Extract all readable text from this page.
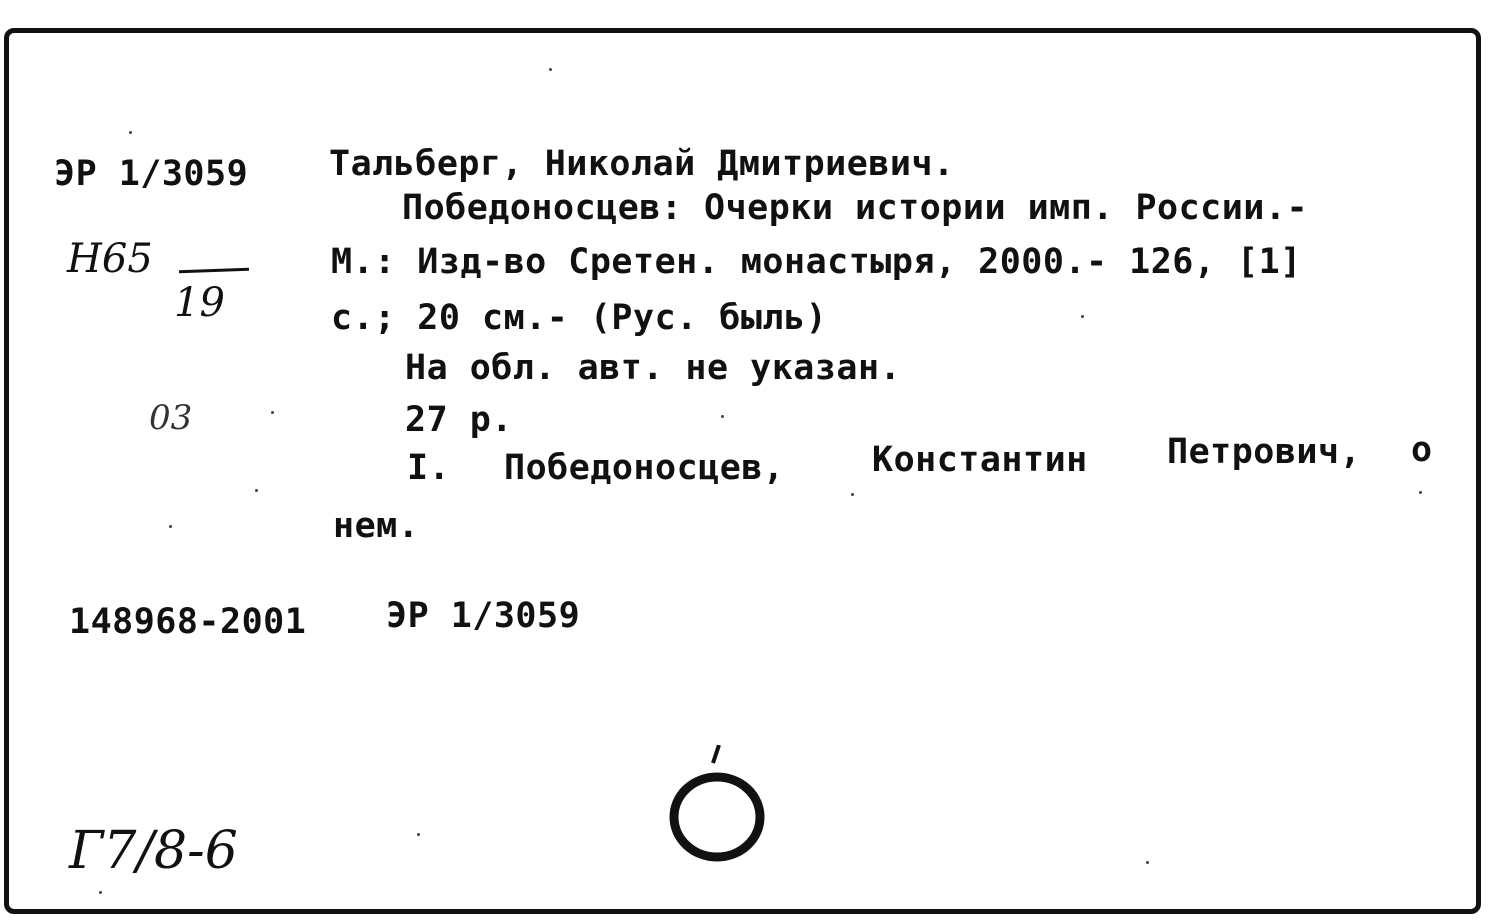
ЭР 1/3059 Тальберг, Николай Дмитриевич.
Победоносцев: Очерки истории имп. России.-
М.: Изд-во Сретен. монастыря, 2000.- 126, [1]
с.; 20 см.- (Рус. быль)
На обл. авт. не указан.
27 р.
I. Победоносцев,	Константин Петрович, о
нем.
148968-2001 ЭР 1/3059
Н65
19
03
Г7/8-6
